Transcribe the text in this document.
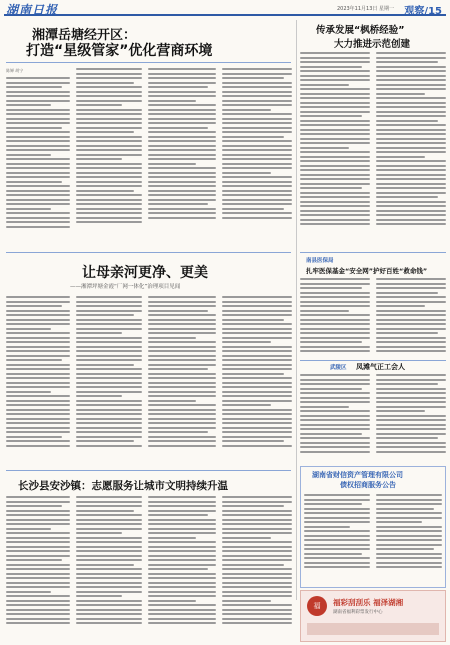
湖南日报	2023年11月13日 星期一 观察/15
湘潭岳塘经开区：
打造“星级管家”优化营商环境
陈婵 胡宁
传承发展“枫桥经验”
大力推进示范创建
让母亲河更净、更美
——湘潭坪塘金霞“厂网一体化”治理项目见闻
南县医保局
扎牢医保基金“安全网”护好百姓“救命钱”
武陵区 凤滩气正工会人
湖南省财信资产管理有限公司
债权招商服务公告
长沙县安沙镇：志愿服务让城市文明持续升温
福	福彩刮刮乐 福泽湖湘
湖南省福利彩票发行中心
